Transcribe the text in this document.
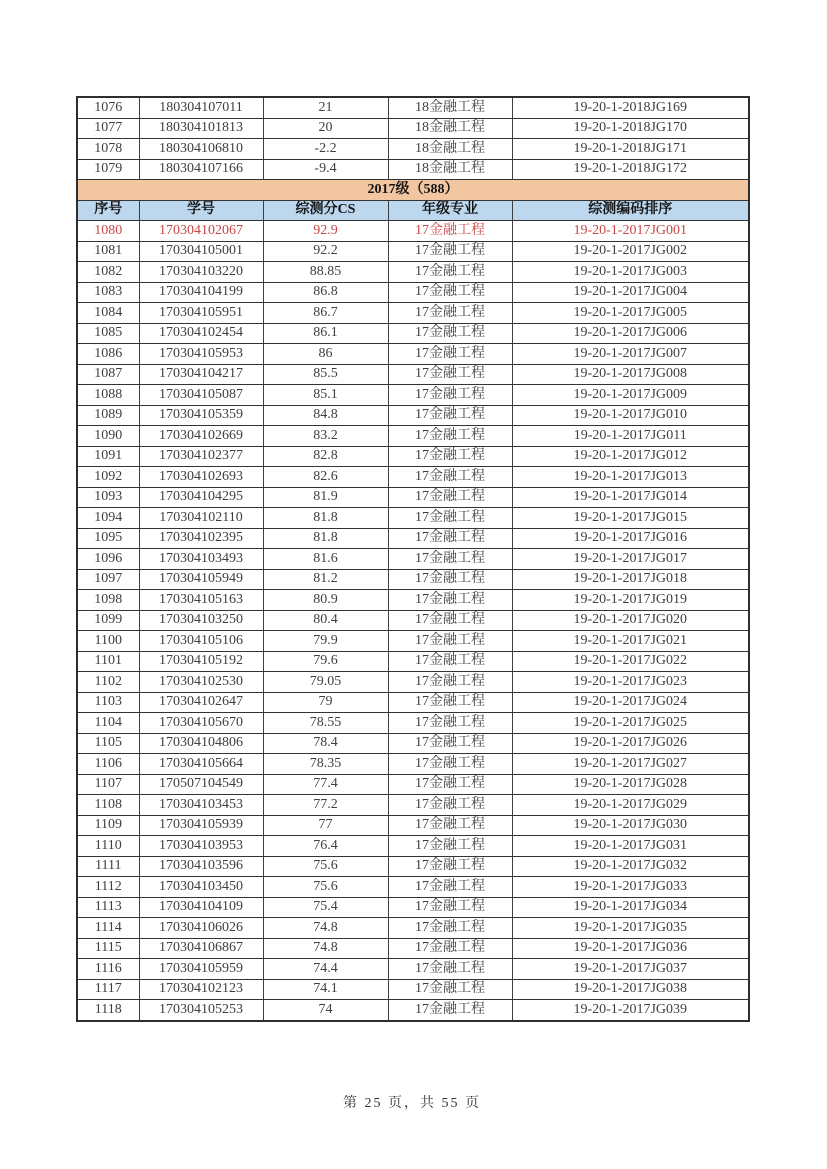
1076	180304107011	21	18金融工程	19-20-1-2018JG169
1077	180304101813	20	18金融工程	19-20-1-2018JG170
1078	180304106810	-2.2	18金融工程	19-20-1-2018JG171
1079	180304107166	-9.4	18金融工程	19-20-1-2018JG172
2017级（588）				
序号	学号	综测分CS	年级专业	综测编码排序
1080	170304102067	92.9	17金融工程	19-20-1-2017JG001
1081	170304105001	92.2	17金融工程	19-20-1-2017JG002
1082	170304103220	88.85	17金融工程	19-20-1-2017JG003
1083	170304104199	86.8	17金融工程	19-20-1-2017JG004
1084	170304105951	86.7	17金融工程	19-20-1-2017JG005
1085	170304102454	86.1	17金融工程	19-20-1-2017JG006
1086	170304105953	86	17金融工程	19-20-1-2017JG007
1087	170304104217	85.5	17金融工程	19-20-1-2017JG008
1088	170304105087	85.1	17金融工程	19-20-1-2017JG009
1089	170304105359	84.8	17金融工程	19-20-1-2017JG010
1090	170304102669	83.2	17金融工程	19-20-1-2017JG011
1091	170304102377	82.8	17金融工程	19-20-1-2017JG012
1092	170304102693	82.6	17金融工程	19-20-1-2017JG013
1093	170304104295	81.9	17金融工程	19-20-1-2017JG014
1094	170304102110	81.8	17金融工程	19-20-1-2017JG015
1095	170304102395	81.8	17金融工程	19-20-1-2017JG016
1096	170304103493	81.6	17金融工程	19-20-1-2017JG017
1097	170304105949	81.2	17金融工程	19-20-1-2017JG018
1098	170304105163	80.9	17金融工程	19-20-1-2017JG019
1099	170304103250	80.4	17金融工程	19-20-1-2017JG020
1100	170304105106	79.9	17金融工程	19-20-1-2017JG021
1101	170304105192	79.6	17金融工程	19-20-1-2017JG022
1102	170304102530	79.05	17金融工程	19-20-1-2017JG023
1103	170304102647	79	17金融工程	19-20-1-2017JG024
1104	170304105670	78.55	17金融工程	19-20-1-2017JG025
1105	170304104806	78.4	17金融工程	19-20-1-2017JG026
1106	170304105664	78.35	17金融工程	19-20-1-2017JG027
1107	170507104549	77.4	17金融工程	19-20-1-2017JG028
1108	170304103453	77.2	17金融工程	19-20-1-2017JG029
1109	170304105939	77	17金融工程	19-20-1-2017JG030
1110	170304103953	76.4	17金融工程	19-20-1-2017JG031
1111	170304103596	75.6	17金融工程	19-20-1-2017JG032
1112	170304103450	75.6	17金融工程	19-20-1-2017JG033
1113	170304104109	75.4	17金融工程	19-20-1-2017JG034
1114	170304106026	74.8	17金融工程	19-20-1-2017JG035
1115	170304106867	74.8	17金融工程	19-20-1-2017JG036
1116	170304105959	74.4	17金融工程	19-20-1-2017JG037
1117	170304102123	74.1	17金融工程	19-20-1-2017JG038
1118	170304105253	74	17金融工程	19-20-1-2017JG039
第 25 页，共 55 页
